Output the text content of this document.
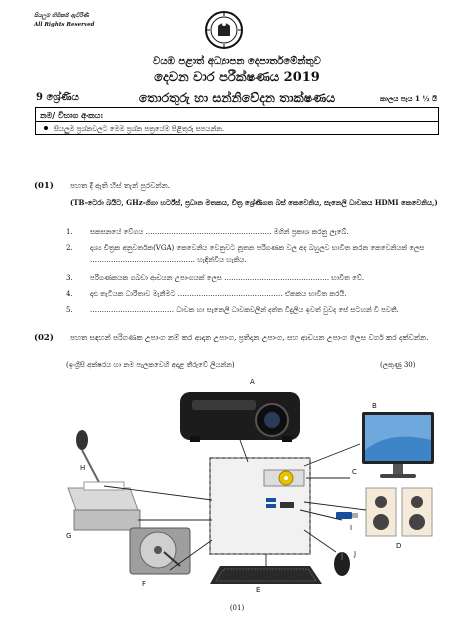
සියලුම හිමිකම් ඇවිරිණි
All Rights Reserved
වයඹ පළාත් අධ්‍යාපන දෙපාර්තමේන්තුව
දෙවන වාර පරීක්ෂණය 2019
9 ශ්‍රේණිය	තොරතුරු හා සන්නිවේදන තාක්ෂණය	කාලය පැය 1 ½ යි
නම/ විභාග අංකය:
සියලුම ප්‍රශ්නවලට මෙම ප්‍රශ්න පත්‍රයේම පිළිතුරු සපයන්න.
(01) පහත දී ඇති හිස් තැන් පුරවන්න.
(TB-ටෙරා බයිට, GHz-ගිගා හර්ට්ස්, ප්‍රධාන මතකය, චිත්‍ර ශ්‍රේණිගත බස් කෙවෙනිය, සැනෙලි ධාවකය HDMI කෙවෙනිය,)
1.	සකසනයේ වේගය ……………………………………………… මගින් ප්‍රකාශ කරනු ලැබේ.
2.	දෘශ්‍ය චිත්‍රක අනුවර්තක(VGA) කෙවෙනිය වෙනුවට නූතන පරිගණක වල අද බහුලව භාවිත කරන කෙවෙනියක් ලෙස ……………………………………… හැඳින්විය හැකිය.
3.	පරිගණකයක ගබඩා ආචයන උපාංගයක් ලෙස ……………………………………… භාවිත වේ.
4.	දෘඪ තැටියක ධාරිතාව මැනීමට ……………………………………… ඒකකය භාවිත කරයි.
5.	……………………………… ධාවක හා සැනෙලි ධාවකවලින් දත්ත විදුලිය ඉවත් වුවද සේ සටහන් වී පවතී.
(02) පහත සඳහන් පරිගණක උපාංග නම් කර ආදාන උපාංග, ප්‍රතිදාන උපාංග, සහ ආචයන උපාංග ලෙස වර්ග කර දක්වන්න.
(ඉංග්‍රීසි අක්ෂරය හා නම පැලකවෙහි අදාළ තීරුවේ ලියන්න)	(ලකුණු 30)
A
B
C
D
E
F
G
H
I
J
(01)
